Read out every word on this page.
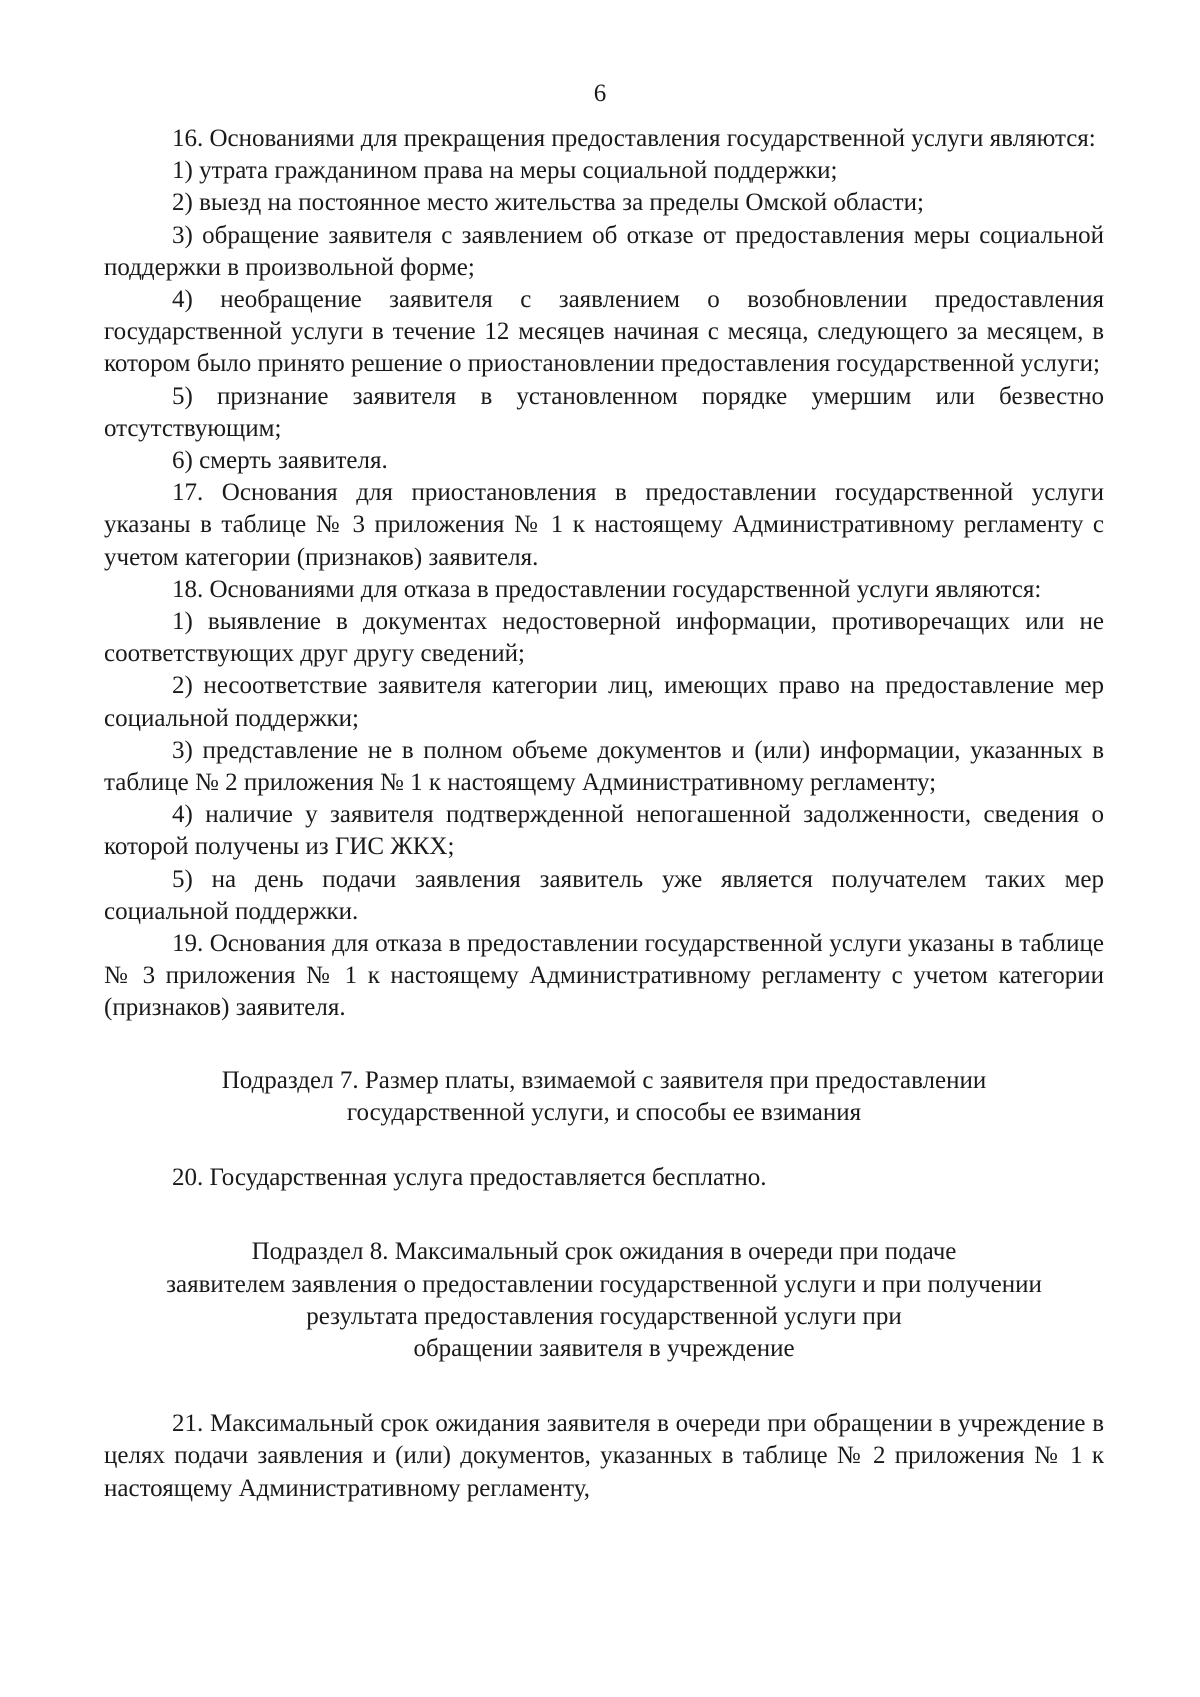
6

16. Основаниями для прекращения предоставления государственной услуги являются:

1) утрата гражданином права на меры социальной поддержки;

2) выезд на постоянное место жительства за пределы Омской области;

3) обращение заявителя с заявлением об отказе от предоставления меры социальной поддержки в произвольной форме;

4) необращение заявителя с заявлением о возобновлении предоставления государственной услуги в течение 12 месяцев начиная с месяца, следующего за месяцем, в котором было принято решение о приостановлении предоставления государственной услуги;

5) признание заявителя в установленном порядке умершим или безвестно отсутствующим;

6) смерть заявителя.

17. Основания для приостановления в предоставлении государственной услуги указаны в таблице № 3 приложения № 1 к настоящему Административному регламенту с учетом категории (признаков) заявителя.

18. Основаниями для отказа в предоставлении государственной услуги являются:

1) выявление в документах недостоверной информации, противоречащих или не соответствующих друг другу сведений;

2) несоответствие заявителя категории лиц, имеющих право на предоставление мер социальной поддержки;

3) представление не в полном объеме документов и (или) информации, указанных в таблице № 2 приложения № 1 к настоящему Административному регламенту;

4) наличие у заявителя подтвержденной непогашенной задолженности, сведения о которой получены из ГИС ЖКХ;

5) на день подачи заявления заявитель уже является получателем таких мер социальной поддержки.

19. Основания для отказа в предоставлении государственной услуги указаны в таблице № 3 приложения № 1 к настоящему Административному регламенту с учетом категории (признаков) заявителя.

Подраздел 7. Размер платы, взимаемой с заявителя при предоставлении
государственной услуги, и способы ее взимания

20. Государственная услуга предоставляется бесплатно.

Подраздел 8. Максимальный срок ожидания в очереди при подаче
заявителем заявления о предоставлении государственной услуги и при получении
результата предоставления государственной услуги при
обращении заявителя в учреждение

21. Максимальный срок ожидания заявителя в очереди при обращении в учреждение в целях подачи заявления и (или) документов, указанных в таблице № 2 приложения № 1 к настоящему Административному регламенту,
